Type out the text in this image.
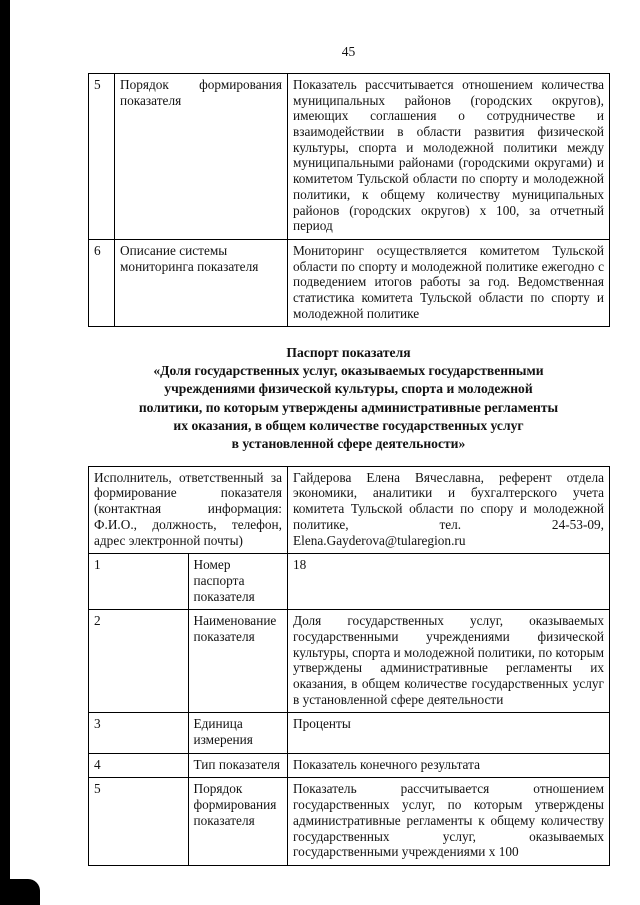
45
5	Порядок формирования показателя	Показатель рассчитывается отношением количества муниципальных районов (городских округов), имеющих соглашения о сотрудничестве и взаимодействии в области развития физической культуры, спорта и молодежной политики между муниципальными районами (городскими округами) и комитетом Тульской области по спорту и молодежной политики, к общему количеству муниципальных районов (городских округов) х 100, за отчетный период
6	Описание системы мониторинга показателя	Мониторинг осуществляется комитетом Тульской области по спорту и молодежной политике ежегодно с подведением итогов работы за год. Ведомственная статистика комитета Тульской области по спорту и молодежной политике
Паспорт показателя
«Доля государственных услуг, оказываемых государственными
учреждениями физической культуры, спорта и молодежной
политики, по которым утверждены административные регламенты
их оказания, в общем количестве государственных услуг
в установленной сфере деятельности»
Исполнитель, ответственный за формирование показателя (контактная информация: Ф.И.О., должность, телефон, адрес электронной почты)		Гайдерова Елена Вячеславна, референт отдела экономики, аналитики и бухгалтерского учета комитета Тульской области по спору и молодежной политике, тел. 24-53-09, Elena.Gayderova@tularegion.ru
1	Номер паспорта показателя	18
2	Наименование показателя	Доля государственных услуг, оказываемых государственными учреждениями физической культуры, спорта и молодежной политики, по которым утверждены административные регламенты их оказания, в общем количестве государственных услуг в установленной сфере деятельности
3	Единица измерения	Проценты
4	Тип показателя	Показатель конечного результата
5	Порядок формирования показателя	Показатель рассчитывается отношением государственных услуг, по которым утверждены административные регламенты к общему количеству государственных услуг, оказываемых государственными учреждениями х 100
